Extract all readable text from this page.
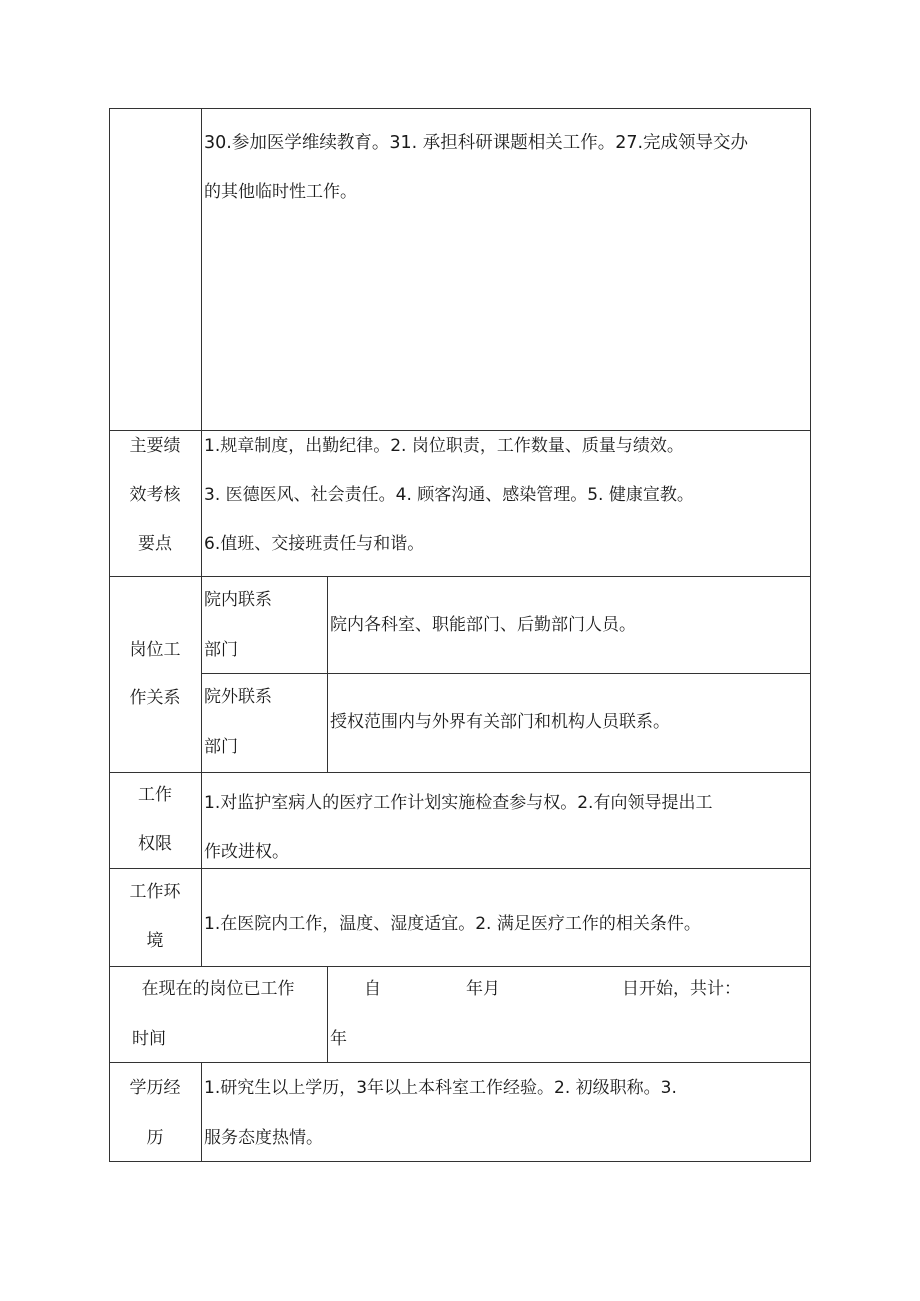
30.参加医学维续教育。31. 承担科研课题相关工作。27.完成领导交办
的其他临时性工作。
主要绩
效考核
要点
1.规章制度，出勤纪律。2. 岗位职责，工作数量、质量与绩效。
3. 医德医风、社会责任。4. 顾客沟通、感染管理。5. 健康宣教。
6.值班、交接班责任与和谐。
岗位工
作关系
院内联系
部门
院内各科室、职能部门、后勤部门人员。
院外联系
部门
授权范围内与外界有关部门和机构人员联系。
工作
权限
1.对监护室病人的医疗工作计划实施检查参与权。2.有向领导提出工
作改进权。
工作环
境
1.在医院内工作，温度、湿度适宜。2. 满足医疗工作的相关条件。
在现在的岗位已工作
时间
自	年月	日开始，共计：
年
学历经
历
1.研究生以上学历，3年以上本科室工作经验。2. 初级职称。3.
服务态度热情。
